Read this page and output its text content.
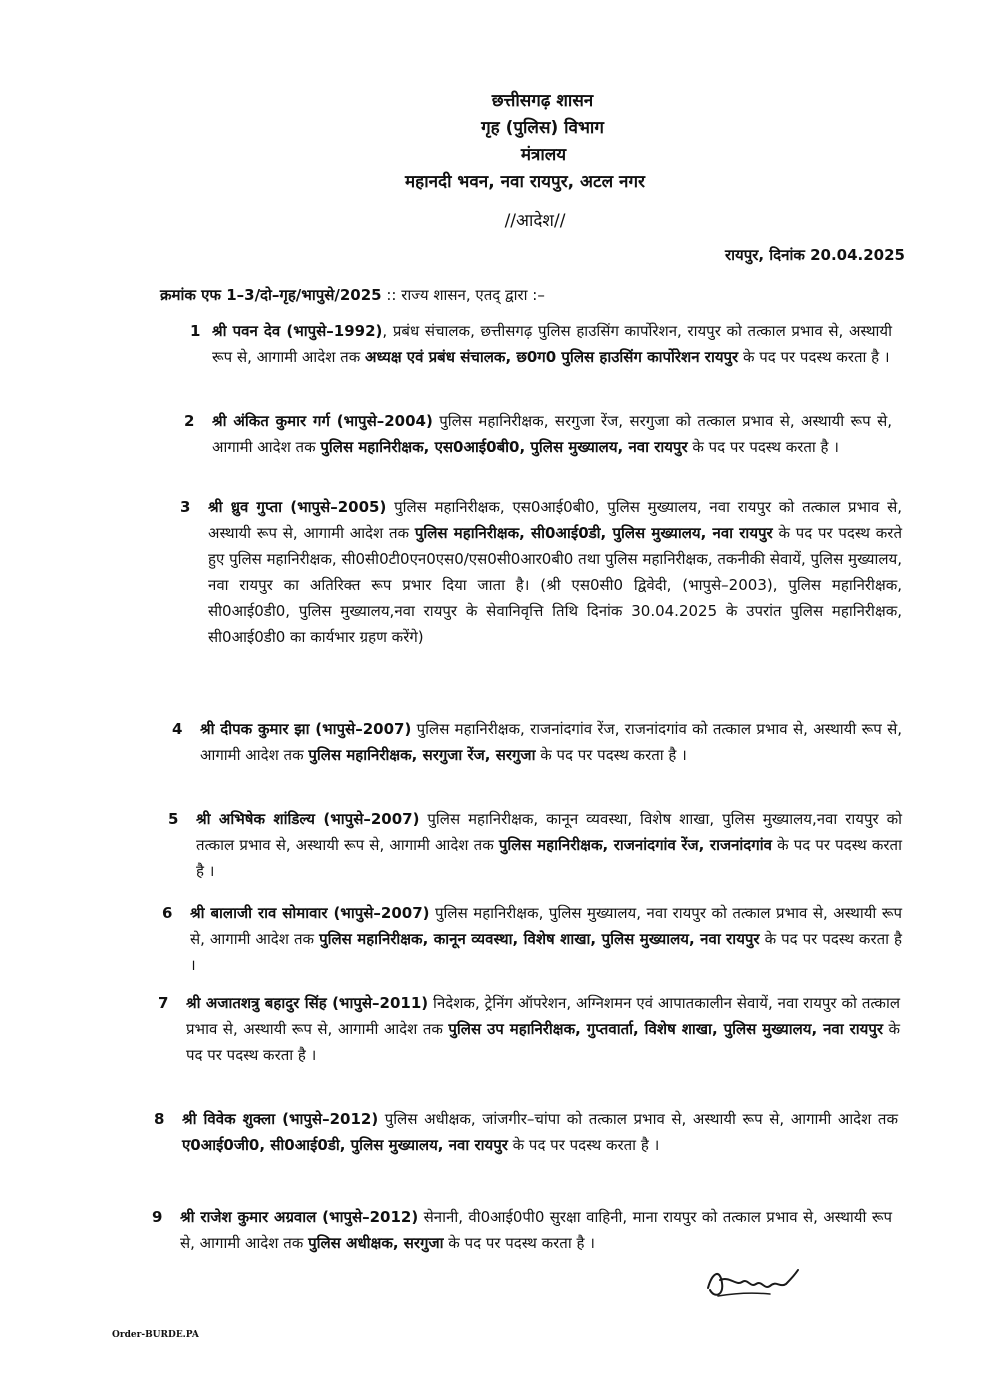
छत्तीसगढ़ शासन
गृह (पुलिस) विभाग
मंत्रालय
महानदी भवन, नवा रायपुर, अटल नगर
//आदेश//
रायपुर, दिनांक 20.04.2025
क्रमांक एफ 1–3/दो–गृह/भापुसे/2025 :: राज्य शासन, एतद् द्वारा :–
1 श्री पवन देव (भापुसे–1992), प्रबंध संचालक, छत्तीसगढ़ पुलिस हाउसिंग कार्पोरेशन, रायपुर को तत्काल प्रभाव से, अस्थायी रूप से, आगामी आदेश तक अध्यक्ष एवं प्रबंध संचालक, छ0ग0 पुलिस हाउसिंग कार्पोरेशन रायपुर के पद पर पदस्थ करता है ।
2 श्री अंकित कुमार गर्ग (भापुसे–2004) पुलिस महानिरीक्षक, सरगुजा रेंज, सरगुजा को तत्काल प्रभाव से, अस्थायी रूप से, आगामी आदेश तक पुलिस महानिरीक्षक, एस0आई0बी0, पुलिस मुख्यालय, नवा रायपुर के पद पर पदस्थ करता है ।
3 श्री ध्रुव गुप्ता (भापुसे–2005) पुलिस महानिरीक्षक, एस0आई0बी0, पुलिस मुख्यालय, नवा रायपुर को तत्काल प्रभाव से, अस्थायी रूप से, आगामी आदेश तक पुलिस महानिरीक्षक, सी0आई0डी, पुलिस मुख्यालय, नवा रायपुर के पद पर पदस्थ करते हुए पुलिस महानिरीक्षक, सी0सी0टी0एन0एस0/एस0सी0आर0बी0 तथा पुलिस महानिरीक्षक, तकनीकी सेवायें, पुलिस मुख्यालय, नवा रायपुर का अतिरिक्त रूप प्रभार दिया जाता है। (श्री एस0सी0 द्विवेदी, (भापुसे–2003), पुलिस महानिरीक्षक, सी0आई0डी0, पुलिस मुख्यालय,नवा रायपुर के सेवानिवृत्ति तिथि दिनांक 30.04.2025 के उपरांत पुलिस महानिरीक्षक, सी0आई0डी0 का कार्यभार ग्रहण करेंगे)
4 श्री दीपक कुमार झा (भापुसे–2007) पुलिस महानिरीक्षक, राजनांदगांव रेंज, राजनांदगांव को तत्काल प्रभाव से, अस्थायी रूप से, आगामी आदेश तक पुलिस महानिरीक्षक, सरगुजा रेंज, सरगुजा के पद पर पदस्थ करता है ।
5 श्री अभिषेक शांडिल्य (भापुसे–2007) पुलिस महानिरीक्षक, कानून व्यवस्था, विशेष शाखा, पुलिस मुख्यालय,नवा रायपुर को तत्काल प्रभाव से, अस्थायी रूप से, आगामी आदेश तक पुलिस महानिरीक्षक, राजनांदगांव रेंज, राजनांदगांव के पद पर पदस्थ करता है ।
6 श्री बालाजी राव सोमावार (भापुसे–2007) पुलिस महानिरीक्षक, पुलिस मुख्यालय, नवा रायपुर को तत्काल प्रभाव से, अस्थायी रूप से, आगामी आदेश तक पुलिस महानिरीक्षक, कानून व्यवस्था, विशेष शाखा, पुलिस मुख्यालय, नवा रायपुर के पद पर पदस्थ करता है ।
7 श्री अजातशत्रु बहादुर सिंह (भापुसे–2011) निदेशक, ट्रेनिंग ऑपरेशन, अग्निशमन एवं आपातकालीन सेवायें, नवा रायपुर को तत्काल प्रभाव से, अस्थायी रूप से, आगामी आदेश तक पुलिस उप महानिरीक्षक, गुप्तवार्ता, विशेष शाखा, पुलिस मुख्यालय, नवा रायपुर के पद पर पदस्थ करता है ।
8 श्री विवेक शुक्ला (भापुसे–2012) पुलिस अधीक्षक, जांजगीर–चांपा को तत्काल प्रभाव से, अस्थायी रूप से, आगामी आदेश तक ए0आई0जी0, सी0आई0डी, पुलिस मुख्यालय, नवा रायपुर के पद पर पदस्थ करता है ।
9 श्री राजेश कुमार अग्रवाल (भापुसे–2012) सेनानी, वी0आई0पी0 सुरक्षा वाहिनी, माना रायपुर को तत्काल प्रभाव से, अस्थायी रूप से, आगामी आदेश तक पुलिस अधीक्षक, सरगुजा के पद पर पदस्थ करता है ।
Order-BURDE.PA
